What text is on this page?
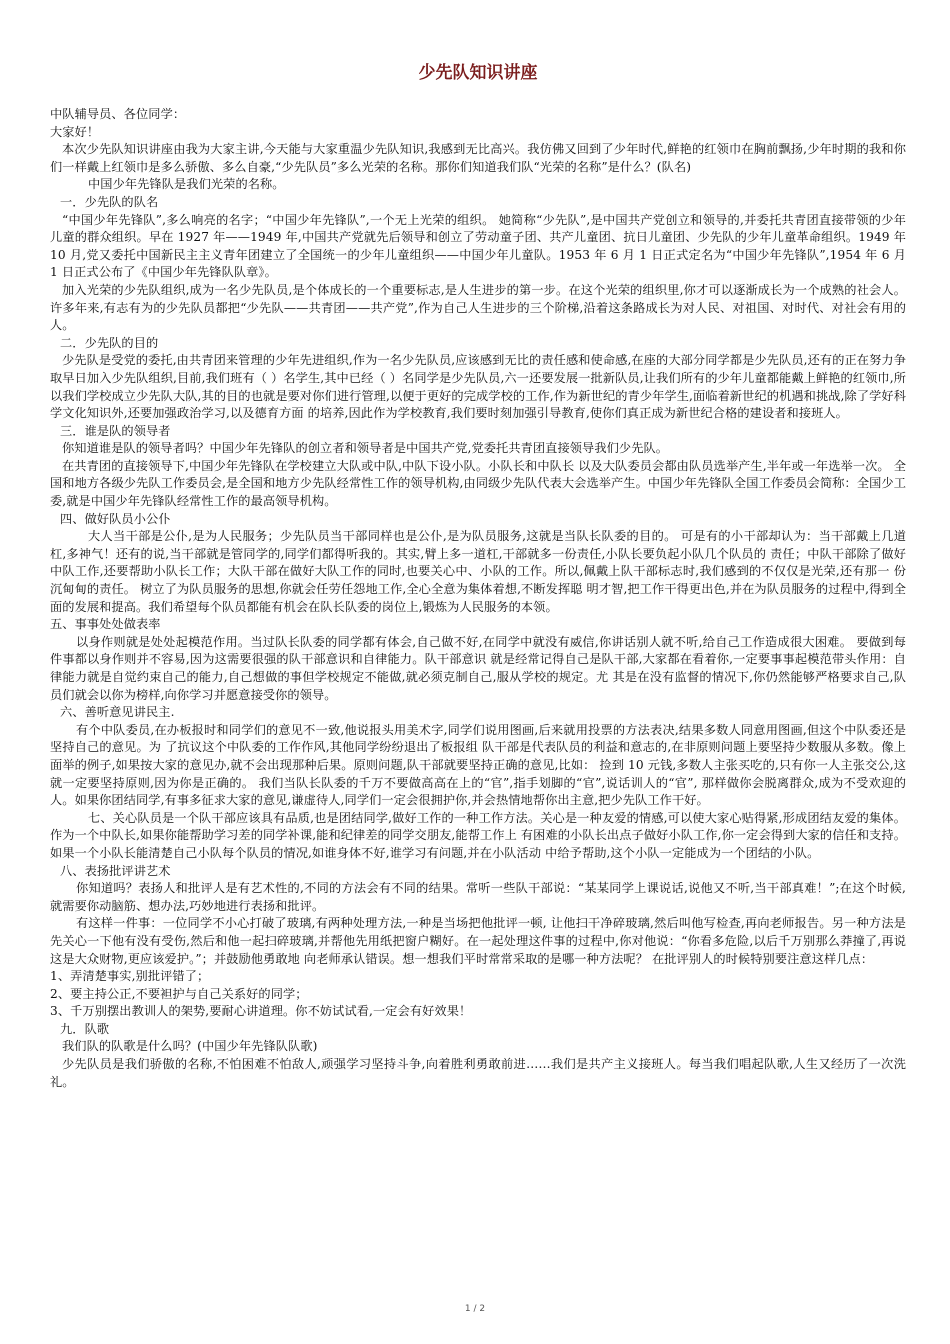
少先队知识讲座

中队辅导员、各位同学：

大家好！

本次少先队知识讲座由我为大家主讲,今天能与大家重温少先队知识,我感到无比高兴。我仿佛又回到了少年时代,鲜艳的红领巾在胸前飘扬,少年时期的我和你们一样戴上红领巾是多么骄傲、多么自豪,“少先队员”多么光荣的名称。那你们知道我们队“光荣的名称”是什么？(队名)

中国少年先锋队是我们光荣的名称。

一．少先队的队名

“中国少年先锋队”,多么响亮的名字；“中国少年先锋队”,一个无上光荣的组织。 她简称“少先队”,是中国共产党创立和领导的,并委托共青团直接带领的少年儿童的群众组织。早在 1927 年——1949 年,中国共产党就先后领导和创立了劳动童子团、共产儿童团、抗日儿童团、少先队的少年儿童革命组织。1949 年 10 月,党又委托中国新民主主义青年团建立了全国统一的少年儿童组织——中国少年儿童队。1953 年 6 月 1 日正式定名为“中国少年先锋队”,1954 年 6 月 1 日正式公布了《中国少年先锋队队章》。

加入光荣的少先队组织,成为一名少先队员,是个体成长的一个重要标志,是人生进步的第一步。在这个光荣的组织里,你才可以逐渐成长为一个成熟的社会人。许多年来,有志有为的少先队员都把“少先队——共青团——共产党”,作为自己人生进步的三个阶梯,沿着这条路成长为对人民、对祖国、对时代、对社会有用的人。

二．少先队的目的

少先队是受党的委托,由共青团来管理的少年先进组织,作为一名少先队员,应该感到无比的责任感和使命感,在座的大部分同学都是少先队员,还有的正在努力争取早日加入少先队组织,目前,我们班有（ ）名学生,其中已经（ ）名同学是少先队员,六一还要发展一批新队员,让我们所有的少年儿童都能戴上鲜艳的红领巾,所以我们学校成立少先队大队,其的目的也就是要对你们进行管理,以便于更好的完成学校的工作,作为新世纪的青少年学生,面临着新世纪的机遇和挑战,除了学好科学文化知识外,还要加强政治学习,以及德育方面 的培养,因此作为学校教育,我们要时刻加强引导教育,使你们真正成为新世纪合格的建设者和接班人。

三．谁是队的领导者

你知道谁是队的领导者吗？中国少年先锋队的创立者和领导者是中国共产党,党委托共青团直接领导我们少先队。

在共青团的直接领导下,中国少年先锋队在学校建立大队或中队,中队下设小队。小队长和中队长 以及大队委员会都由队员选举产生,半年或一年选举一次。 全国和地方各级少先队工作委员会,是全国和地方少先队经常性工作的领导机构,由同级少先队代表大会选举产生。中国少年先锋队全国工作委员会简称：全国少工委,就是中国少年先锋队经常性工作的最高领导机构。

四、做好队员小公仆

大人当干部是公仆,是为人民服务；少先队员当干部同样也是公仆,是为队员服务,这就是当队长队委的目的。 可是有的小干部却认为：当干部戴上几道杠,多神气！还有的说,当干部就是管同学的,同学们都得听我的。其实,臂上多一道杠,干部就多一份责任,小队长要负起小队几个队员的 责任；中队干部除了做好中队工作,还要帮助小队长工作；大队干部在做好大队工作的同时,也要关心中、小队的工作。所以,佩戴上队干部标志时,我们感到的不仅仅是光荣,还有那一 份沉甸甸的责任。 树立了为队员服务的思想,你就会任劳任怨地工作,全心全意为集体着想,不断发挥聪 明才智,把工作干得更出色,并在为队员服务的过程中,得到全面的发展和提高。我们希望每个队员都能有机会在队长队委的岗位上,锻炼为人民服务的本领。

五、事事处处做表率

以身作则就是处处起模范作用。当过队长队委的同学都有体会,自己做不好,在同学中就没有威信,你讲话别人就不听,给自己工作造成很大困难。 要做到每件事都以身作则并不容易,因为这需要很强的队干部意识和自律能力。队干部意识 就是经常记得自己是队干部,大家都在看着你,一定要事事起模范带头作用：自律能力就是自觉约束自己的能力,自己想做的事但学校规定不能做,就必须克制自己,服从学校的规定。尤 其是在没有监督的情况下,你仍然能够严格要求自己,队员们就会以你为榜样,向你学习并愿意接受你的领导。

六、善听意见讲民主.

有个中队委员,在办板报时和同学们的意见不一致,他说报头用美术字,同学们说用图画,后来就用投票的方法表决,结果多数人同意用图画,但这个中队委还是坚持自己的意见。为 了抗议这个中队委的工作作风,其他同学纷纷退出了板报组 队干部是代表队员的利益和意志的,在非原则问题上要坚持少数服从多数。像上面举的例子,如果按大家的意见办,就不会出现那种后果。原则问题,队干部就要坚持正确的意见,比如： 捡到 10 元钱,多数人主张买吃的,只有你一人主张交公,这就一定要坚持原则,因为你是正确的。 我们当队长队委的千万不要做高高在上的“官”,指手划脚的“官”,说话训人的“官”, 那样做你会脱离群众,成为不受欢迎的人。如果你团结同学,有事多征求大家的意见,谦虚待人,同学们一定会很拥护你,并会热情地帮你出主意,把少先队工作干好。

七、关心队员是一个队干部应该具有品质,也是团结同学,做好工作的一种工作方法。关心是一种友爱的情感,可以使大家心贴得紧,形成团结友爱的集体。 作为一个中队长,如果你能帮助学习差的同学补课,能和纪律差的同学交朋友,能帮工作上 有困难的小队长出点子做好小队工作,你一定会得到大家的信任和支持。如果一个小队长能清楚自己小队每个队员的情况,如谁身体不好,谁学习有问题,并在小队活动 中给予帮助,这个小队一定能成为一个团结的小队。

八、表扬批评讲艺术

你知道吗？表扬人和批评人是有艺术性的,不同的方法会有不同的结果。常听一些队干部说：“某某同学上课说话,说他又不听,当干部真难！”;在这个时候,就需要你动脑筋、想办法,巧妙地进行表扬和批评。

有这样一件事：一位同学不小心打破了玻璃,有两种处理方法,一种是当场把他批评一顿, 让他扫干净碎玻璃,然后叫他写检查,再向老师报告。另一种方法是先关心一下他有没有受伤,然后和他一起扫碎玻璃,并帮他先用纸把窗户糊好。在一起处理这件事的过程中,你对他说：“你看多危险,以后千万别那么莽撞了,再说这是大众财物,更应该爱护。”；并鼓励他勇敢地 向老师承认错误。想一想我们平时常常采取的是哪一种方法呢？ 在批评别人的时候特别要注意这样几点：

1、弄清楚事实,别批评错了；

2、要主持公正,不要袒护与自己关系好的同学；

3、千万别摆出教训人的架势,要耐心讲道理。你不妨试试看,一定会有好效果！

九．队歌

我们队的队歌是什么吗？(中国少年先锋队队歌)

少先队员是我们骄傲的名称,不怕困难不怕敌人,顽强学习坚持斗争,向着胜利勇敢前进……我们是共产主义接班人。每当我们唱起队歌,人生又经历了一次洗礼。

1 / 2
